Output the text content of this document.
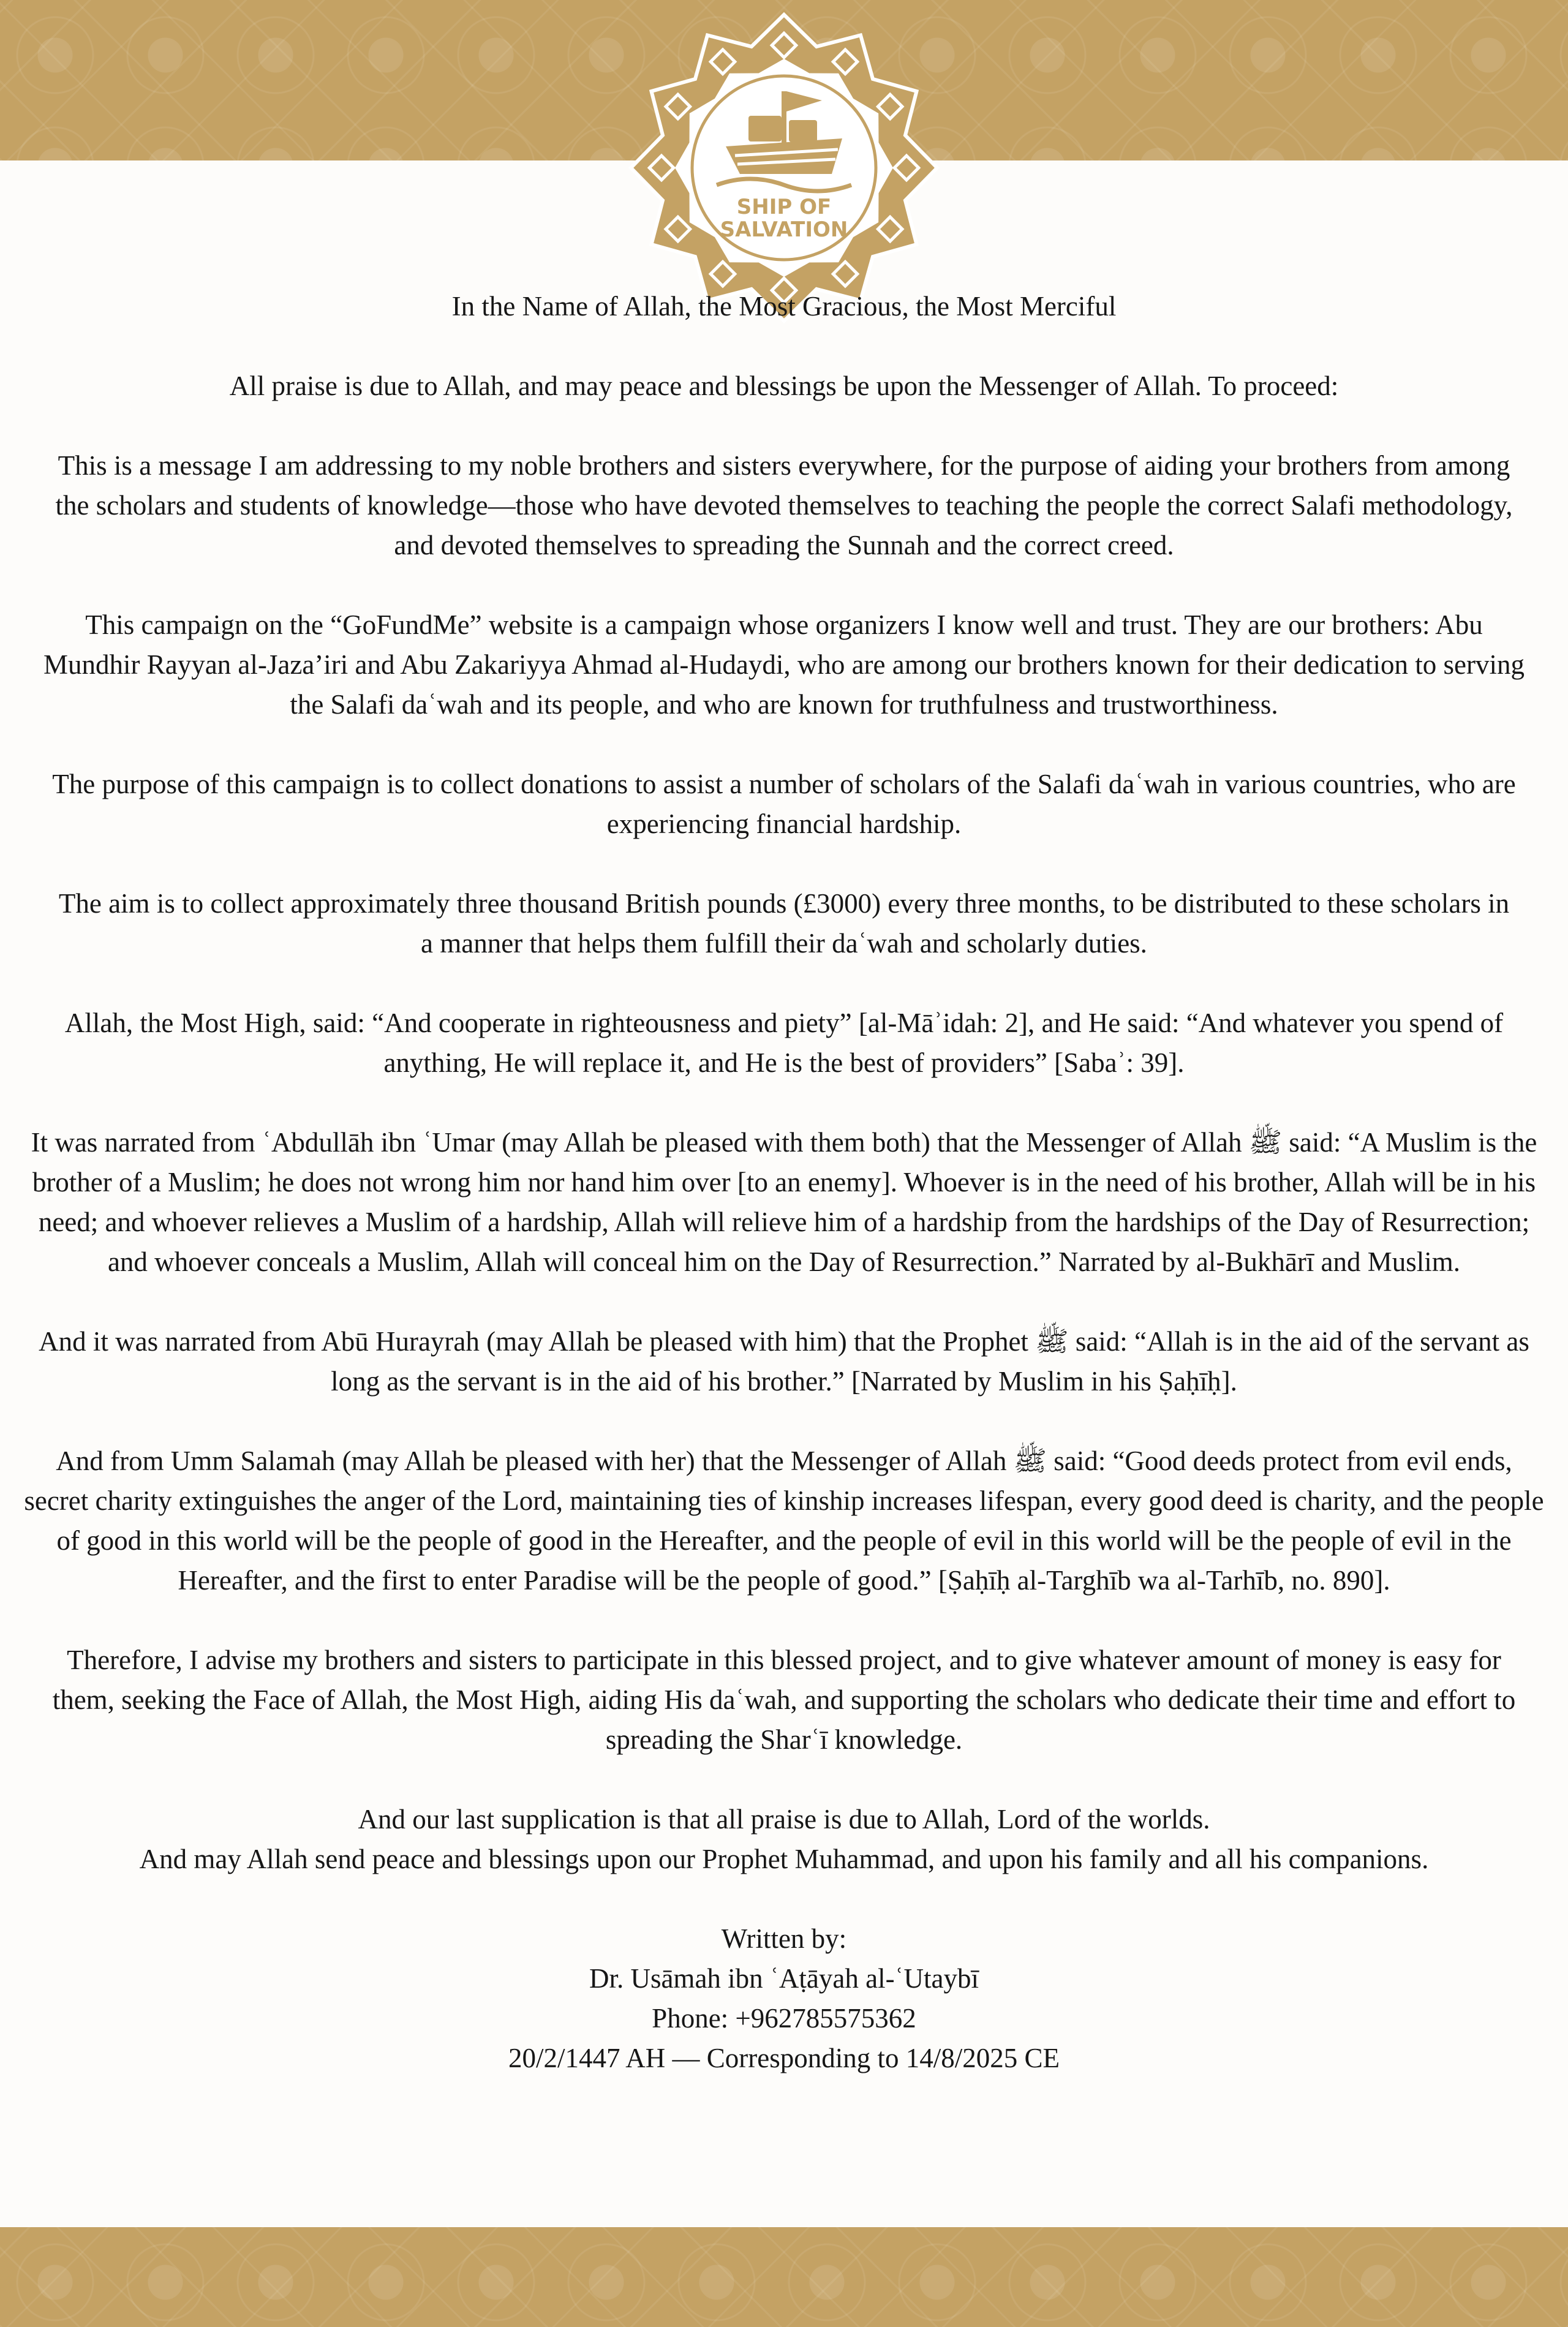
SHIP OF
SALVATION

In the Name of Allah, the Most Gracious, the Most Merciful

All praise is due to Allah, and may peace and blessings be upon the Messenger of Allah. To proceed:

This is a message I am addressing to my noble brothers and sisters everywhere, for the purpose of aiding your brothers from among the scholars and students of knowledge—those who have devoted themselves to teaching the people the correct Salafi methodology, and devoted themselves to spreading the Sunnah and the correct creed.

This campaign on the “GoFundMe” website is a campaign whose organizers I know well and trust. They are our brothers: Abu Mundhir Rayyan al-Jaza’iri and Abu Zakariyya Ahmad al-Hudaydi, who are among our brothers known for their dedication to serving the Salafi daʿwah and its people, and who are known for truthfulness and trustworthiness.

The purpose of this campaign is to collect donations to assist a number of scholars of the Salafi daʿwah in various countries, who are experiencing financial hardship.

The aim is to collect approximately three thousand British pounds (£3000) every three months, to be distributed to these scholars in a manner that helps them fulfill their daʿwah and scholarly duties.

Allah, the Most High, said: “And cooperate in righteousness and piety” [al-Māʾidah: 2], and He said: “And whatever you spend of anything, He will replace it, and He is the best of providers” [Sabaʾ: 39].

It was narrated from ʿAbdullāh ibn ʿUmar (may Allah be pleased with them both) that the Messenger of Allah ﷺ said: “A Muslim is the brother of a Muslim; he does not wrong him nor hand him over [to an enemy]. Whoever is in the need of his brother, Allah will be in his need; and whoever relieves a Muslim of a hardship, Allah will relieve him of a hardship from the hardships of the Day of Resurrection; and whoever conceals a Muslim, Allah will conceal him on the Day of Resurrection.” Narrated by al-Bukhārī and Muslim.

And it was narrated from Abū Hurayrah (may Allah be pleased with him) that the Prophet ﷺ said: “Allah is in the aid of the servant as long as the servant is in the aid of his brother.” [Narrated by Muslim in his Ṣaḥīḥ].

And from Umm Salamah (may Allah be pleased with her) that the Messenger of Allah ﷺ said: “Good deeds protect from evil ends, secret charity extinguishes the anger of the Lord, maintaining ties of kinship increases lifespan, every good deed is charity, and the people of good in this world will be the people of good in the Hereafter, and the people of evil in this world will be the people of evil in the Hereafter, and the first to enter Paradise will be the people of good.” [Ṣaḥīḥ al-Targhīb wa al-Tarhīb, no. 890].

Therefore, I advise my brothers and sisters to participate in this blessed project, and to give whatever amount of money is easy for them, seeking the Face of Allah, the Most High, aiding His daʿwah, and supporting the scholars who dedicate their time and effort to spreading the Sharʿī knowledge.

And our last supplication is that all praise is due to Allah, Lord of the worlds.

And may Allah send peace and blessings upon our Prophet Muhammad, and upon his family and all his companions.

Written by:
Dr. Usāmah ibn ʿAṭāyah al-ʿUtaybī
Phone: +962785575362
20/2/1447 AH — Corresponding to 14/8/2025 CE
